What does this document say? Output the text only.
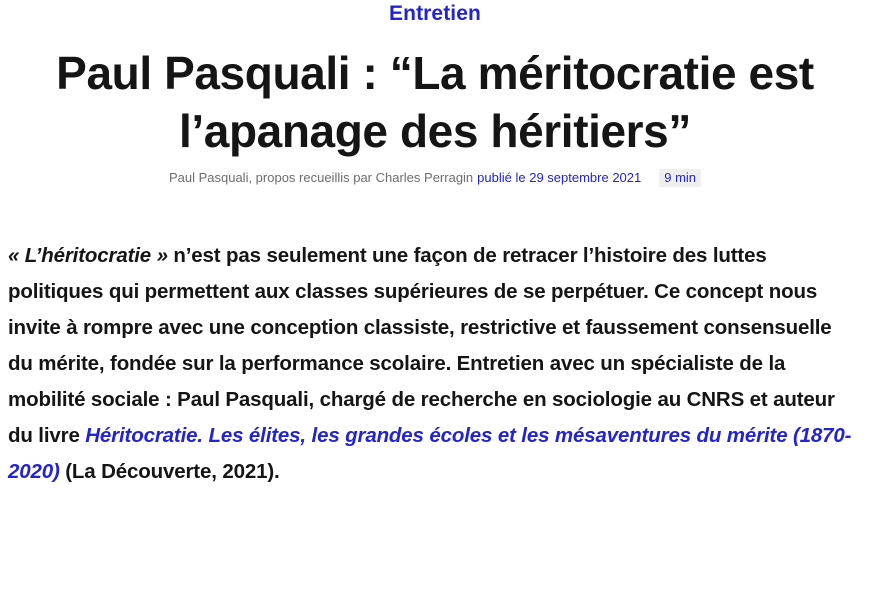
Entretien
Paul Pasquali : “La méritocratie est
l’apanage des héritiers”
Paul Pasquali, propos recueillis par Charles Perragin publié le 29 septembre 2021 9 min

« L’héritocratie » n’est pas seulement une façon de retracer l’histoire des luttes politiques qui permettent aux classes supérieures de se perpétuer. Ce concept nous invite à rompre avec une conception classiste, restrictive et faussement consensuelle du mérite, fondée sur la performance scolaire. Entretien avec un spécialiste de la mobilité sociale : Paul Pasquali, chargé de recherche en sociologie au CNRS et auteur du livre Héritocratie. Les élites, les grandes écoles et les mésaventures du mérite (1870-2020) (La Découverte, 2021).
